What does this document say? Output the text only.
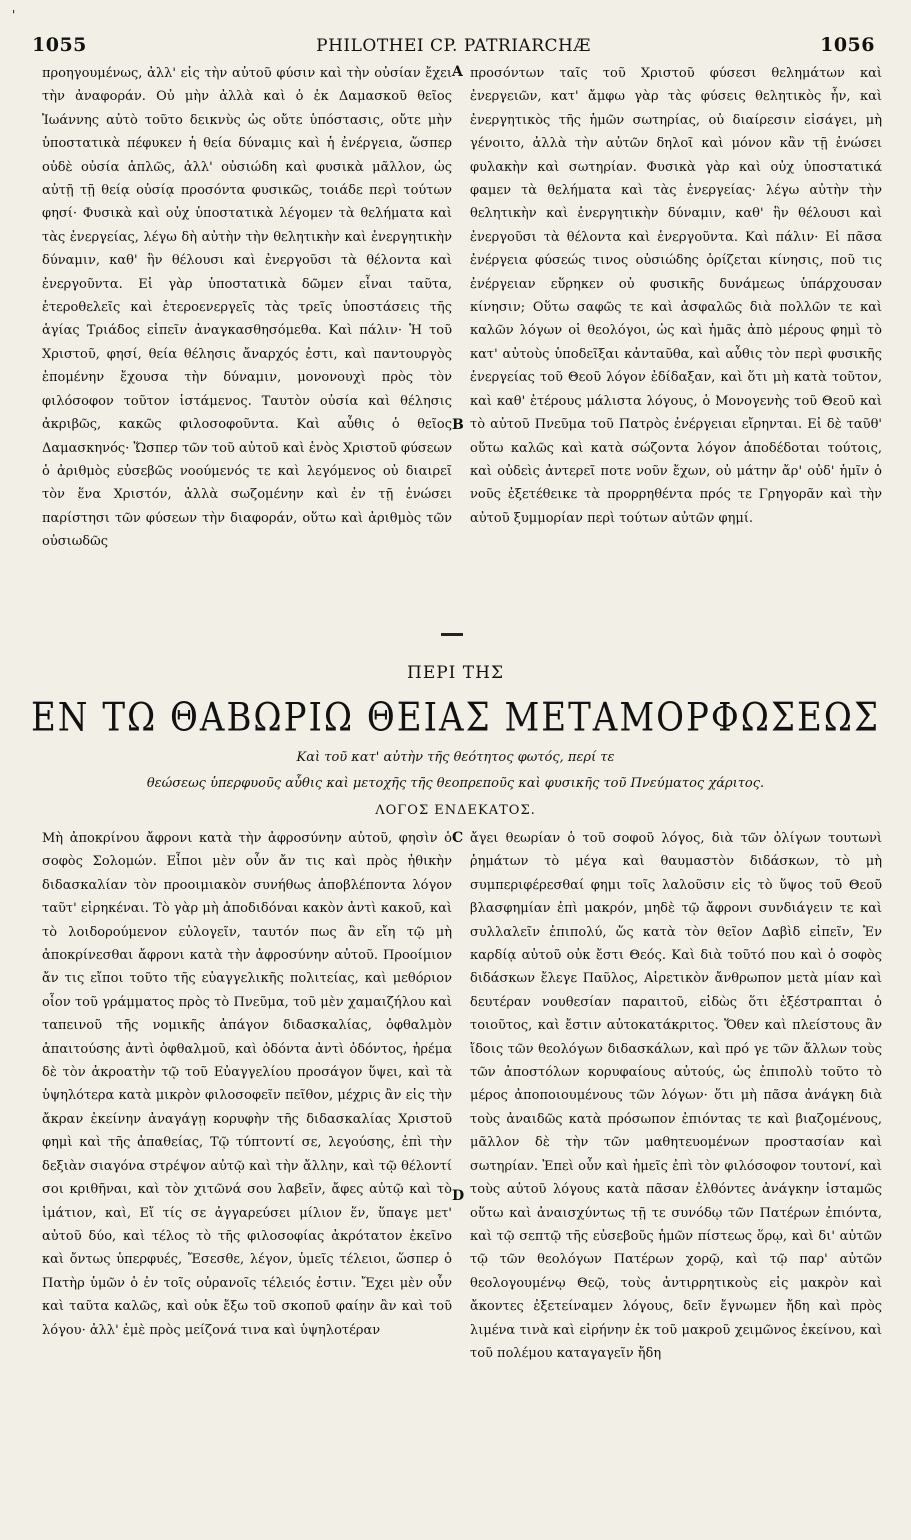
'
1055	PHILOTHEI CP. PATRIARCHÆ	1056

προηγουμένως, ἀλλ' εἰς τὴν αὐτοῦ φύσιν καὶ τὴν οὐσίαν ἔχει τὴν ἀναφοράν. Οὐ μὴν ἀλλὰ καὶ ὁ ἐκ Δαμασκοῦ θεῖος Ἰωάννης αὐτὸ τοῦτο δεικνὺς ὡς οὔτε ὑπόστασις, οὔτε μὴν ὑποστατικὰ πέφυκεν ἡ θεία δύναμις καὶ ἡ ἐνέργεια, ὥσπερ οὐδὲ οὐσία ἁπλῶς, ἀλλ' οὐσιώδη καὶ φυσικὰ μᾶλλον, ὡς αὐτῇ τῇ θείᾳ οὐσίᾳ προσόντα φυσικῶς, τοιάδε περὶ τούτων φησί· Φυσικὰ καὶ οὐχ ὑποστατικὰ λέγομεν τὰ θελήματα καὶ τὰς ἐνεργείας, λέγω δὴ αὐτὴν τὴν θελητικὴν καὶ ἐνεργητικὴν δύναμιν, καθ' ἣν θέλουσι καὶ ἐνεργοῦσι τὰ θέλοντα καὶ ἐνεργοῦντα. Εἰ γὰρ ὑποστατικὰ δῶμεν εἶναι ταῦτα, ἑτεροθελεῖς καὶ ἑτεροενεργεῖς τὰς τρεῖς ὑποστάσεις τῆς ἁγίας Τριάδος εἰπεῖν ἀναγκασθησόμεθα. Καὶ πάλιν· Ἡ τοῦ Χριστοῦ, φησί, θεία θέλησις ἄναρχός ἐστι, καὶ παντουργὸς ἑπομένην ἔχουσα τὴν δύναμιν, μονονουχὶ πρὸς τὸν φιλόσοφον τοῦτον ἱστάμενος. Ταυτὸν οὐσία καὶ θέλησις ἀκριβῶς, κακῶς φιλοσοφοῦντα. Καὶ αὖθις ὁ θεῖος Δαμασκηνός· Ὥσπερ τῶν τοῦ αὐτοῦ καὶ ἑνὸς Χριστοῦ φύσεων ὁ ἀριθμὸς εὐσεβῶς νοούμενός τε καὶ λεγόμενος οὐ διαιρεῖ τὸν ἕνα Χριστόν, ἀλλὰ σωζομένην καὶ ἐν τῇ ἑνώσει παρίστησι τῶν φύσεων τὴν διαφοράν, οὕτω καὶ ἀριθμὸς τῶν οὐσιωδῶς

προσόντων ταῖς τοῦ Χριστοῦ φύσεσι θελημάτων καὶ ἐνεργειῶν, κατ' ἄμφω γὰρ τὰς φύσεις θελητικὸς ἦν, καὶ ἐνεργητικὸς τῆς ἡμῶν σωτηρίας, οὐ διαίρεσιν εἰσάγει, μὴ γένοιτο, ἀλλὰ τὴν αὐτῶν δηλοῖ καὶ μόνον κἂν τῇ ἑνώσει φυλακὴν καὶ σωτηρίαν. Φυσικὰ γὰρ καὶ οὐχ ὑποστατικά φαμεν τὰ θελήματα καὶ τὰς ἐνεργείας· λέγω αὐτὴν τὴν θελητικὴν καὶ ἐνεργητικὴν δύναμιν, καθ' ἣν θέλουσι καὶ ἐνεργοῦσι τὰ θέλοντα καὶ ἐνεργοῦντα. Καὶ πάλιν· Εἰ πᾶσα ἐνέργεια φύσεώς τινος οὐσιώδης ὁρίζεται κίνησις, ποῦ τις ἐνέργειαν εὕρηκεν οὐ φυσικῆς δυνάμεως ὑπάρχουσαν κίνησιν; Οὕτω σαφῶς τε καὶ ἀσφαλῶς διὰ πολλῶν τε καὶ καλῶν λόγων οἱ θεολόγοι, ὡς καὶ ἡμᾶς ἀπὸ μέρους φημὶ τὸ κατ' αὐτοὺς ὑποδεῖξαι κἀνταῦθα, καὶ αὖθις τὸν περὶ φυσικῆς ἐνεργείας τοῦ Θεοῦ λόγον ἐδίδαξαν, καὶ ὅτι μὴ κατὰ τοῦτον, καὶ καθ' ἑτέρους μάλιστα λόγους, ὁ Μονογενὴς τοῦ Θεοῦ καὶ τὸ αὐτοῦ Πνεῦμα τοῦ Πατρὸς ἐνέργειαι εἴρηνται. Εἰ δὲ ταῦθ' οὕτω καλῶς καὶ κατὰ σώζοντα λόγον ἀποδέδοται τούτοις, καὶ οὐδεὶς ἀντερεῖ ποτε νοῦν ἔχων, οὐ μάτην ἄρ' οὐδ' ἡμῖν ὁ νοῦς ἐξετέθεικε τὰ προρρηθέντα πρός τε Γρηγορᾶν καὶ τὴν αὐτοῦ ξυμμορίαν περὶ τούτων αὐτῶν φημί.

A
B
ΠΕΡΙ ΤΗΣ
ΕΝ ΤΩ ΘΑΒΩΡΙΩ ΘΕΙΑΣ ΜΕΤΑΜΟΡΦΩΣΕΩΣ
Καὶ τοῦ κατ' αὐτὴν τῆς θεότητος φωτός, περί τε
θεώσεως ὑπερφυοῦς αὖθις καὶ μετοχῆς τῆς θεοπρεποῦς καὶ φυσικῆς τοῦ Πνεύματος χάριτος.
ΛΟΓΟΣ ΕΝΔΕΚΑΤΟΣ.

Μὴ ἀποκρίνου ἄφρονι κατὰ τὴν ἀφροσύνην αὐτοῦ, φησὶν ὁ σοφὸς Σολομών. Εἶποι μὲν οὖν ἄν τις καὶ πρὸς ἠθικὴν διδασκαλίαν τὸν προοιμιακὸν συνήθως ἀποβλέποντα λόγον ταῦτ' εἰρηκέναι. Τὸ γὰρ μὴ ἀποδιδόναι κακὸν ἀντὶ κακοῦ, καὶ τὸ λοιδορούμενον εὐλογεῖν, ταυτόν πως ἂν εἴη τῷ μὴ ἀποκρίνεσθαι ἄφρονι κατὰ τὴν ἀφροσύνην αὐτοῦ. Προοίμιον ἄν τις εἴποι τοῦτο τῆς εὐαγγελικῆς πολιτείας, καὶ μεθόριον οἷον τοῦ γράμματος πρὸς τὸ Πνεῦμα, τοῦ μὲν χαμαιζήλου καὶ ταπεινοῦ τῆς νομικῆς ἀπάγον διδασκαλίας, ὀφθαλμὸν ἀπαιτούσης ἀντὶ ὀφθαλμοῦ, καὶ ὀδόντα ἀντὶ ὀδόντος, ἠρέμα δὲ τὸν ἀκροατὴν τῷ τοῦ Εὐαγγελίου προσάγον ὕψει, καὶ τὰ ὑψηλότερα κατὰ μικρὸν φιλοσοφεῖν πεῖθον, μέχρις ἂν εἰς τὴν ἄκραν ἐκείνην ἀναγάγῃ κορυφὴν τῆς διδασκαλίας Χριστοῦ φημὶ καὶ τῆς ἀπαθείας, Τῷ τύπτοντί σε, λεγούσης, ἐπὶ τὴν δεξιὰν σιαγόνα στρέψον αὐτῷ καὶ τὴν ἄλλην, καὶ τῷ θέλοντί σοι κριθῆναι, καὶ τὸν χιτῶνά σου λαβεῖν, ἄφες αὐτῷ καὶ τὸ ἱμάτιον, καὶ, Εἴ τίς σε ἀγγαρεύσει μίλιον ἕν, ὕπαγε μετ' αὐτοῦ δύο, καὶ τέλος τὸ τῆς φιλοσοφίας ἀκρότατον ἐκεῖνο καὶ ὄντως ὑπερφυές, Ἔσεσθε, λέγον, ὑμεῖς τέλειοι, ὥσπερ ὁ Πατὴρ ὑμῶν ὁ ἐν τοῖς οὐρανοῖς τέλειός ἐστιν. Ἔχει μὲν οὖν καὶ ταῦτα καλῶς, καὶ οὐκ ἔξω τοῦ σκοποῦ φαίην ἂν καὶ τοῦ λόγου· ἀλλ' ἐμὲ πρὸς μείζονά τινα καὶ ὑψηλοτέραν

ἄγει θεωρίαν ὁ τοῦ σοφοῦ λόγος, διὰ τῶν ὀλίγων τουτωνὶ ῥημάτων τὸ μέγα καὶ θαυμαστὸν διδάσκων, τὸ μὴ συμπεριφέρεσθαί φημι τοῖς λαλοῦσιν εἰς τὸ ὕψος τοῦ Θεοῦ βλασφημίαν ἐπὶ μακρόν, μηδὲ τῷ ἄφρονι συνδιάγειν τε καὶ συλλαλεῖν ἐπιπολύ, ὥς κατὰ τὸν θεῖον Δαβὶδ εἰπεῖν, Ἐν καρδίᾳ αὐτοῦ οὐκ ἔστι Θεός. Καὶ διὰ τοῦτό που καὶ ὁ σοφὸς διδάσκων ἔλεγε Παῦλος, Αἱρετικὸν ἄνθρωπον μετὰ μίαν καὶ δευτέραν νουθεσίαν παραιτοῦ, εἰδὼς ὅτι ἐξέστραπται ὁ τοιοῦτος, καὶ ἔστιν αὐτοκατάκριτος. Ὅθεν καὶ πλείστους ἂν ἴδοις τῶν θεολόγων διδασκάλων, καὶ πρό γε τῶν ἄλλων τοὺς τῶν ἀποστόλων κορυφαίους αὐτούς, ὡς ἐπιπολὺ τοῦτο τὸ μέρος ἀποποιουμένους τῶν λόγων· ὅτι μὴ πᾶσα ἀνάγκη διὰ τοὺς ἀναιδῶς κατὰ πρόσωπον ἐπιόντας τε καὶ βιαζομένους, μᾶλλον δὲ τὴν τῶν μαθητευομένων προστασίαν καὶ σωτηρίαν. Ἐπεὶ οὖν καὶ ἡμεῖς ἐπὶ τὸν φιλόσοφον τουτονί, καὶ τοὺς αὐτοῦ λόγους κατὰ πᾶσαν ἐλθόντες ἀνάγκην ἱσταμῶς οὕτω καὶ ἀναισχύντως τῇ τε συνόδῳ τῶν Πατέρων ἐπιόντα, καὶ τῷ σεπτῷ τῆς εὐσεβοῦς ἡμῶν πίστεως ὅρῳ, καὶ δι' αὐτῶν τῷ τῶν θεολόγων Πατέρων χορῷ, καὶ τῷ παρ' αὐτῶν θεολογουμένῳ Θεῷ, τοὺς ἀντιρρητικοὺς εἰς μακρὸν καὶ ἄκοντες ἐξετείναμεν λόγους, δεῖν ἔγνωμεν ἤδη καὶ πρὸς λιμένα τινὰ καὶ εἰρήνην ἐκ τοῦ μακροῦ χειμῶνος ἐκείνου, καὶ τοῦ πολέμου καταγαγεῖν ἤδη

C
D
